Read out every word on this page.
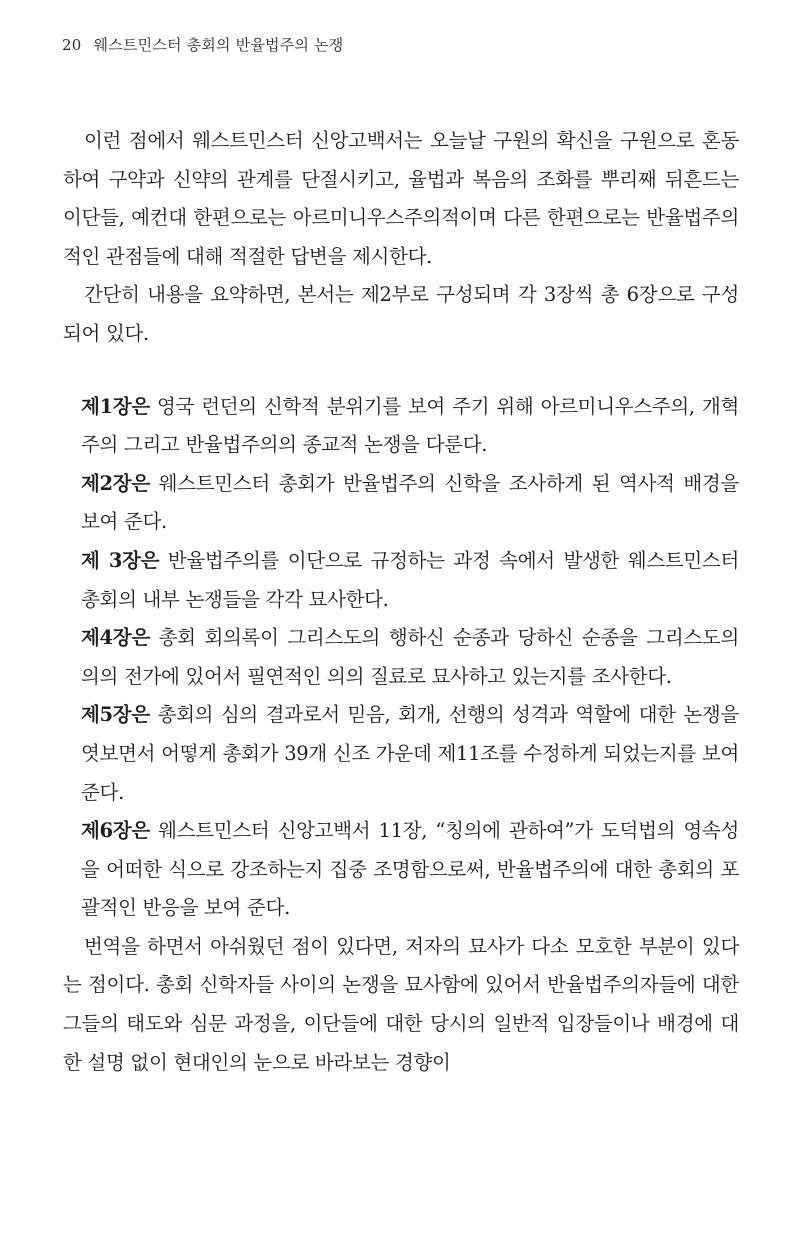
20 웨스트민스터 총회의 반율법주의 논쟁

이런 점에서 웨스트민스터 신앙고백서는 오늘날 구원의 확신을 구원으로 혼동하여 구약과 신약의 관계를 단절시키고, 율법과 복음의 조화를 뿌리째 뒤흔드는 이단들, 예컨대 한편으로는 아르미니우스주의적이며 다른 한편으로는 반율법주의적인 관점들에 대해 적절한 답변을 제시한다.

간단히 내용을 요약하면, 본서는 제2부로 구성되며 각 3장씩 총 6장으로 구성되어 있다.

제1장은 영국 런던의 신학적 분위기를 보여 주기 위해 아르미니우스주의, 개혁주의 그리고 반율법주의의 종교적 논쟁을 다룬다.

제2장은 웨스트민스터 총회가 반율법주의 신학을 조사하게 된 역사적 배경을 보여 준다.

제 3장은 반율법주의를 이단으로 규정하는 과정 속에서 발생한 웨스트민스터 총회의 내부 논쟁들을 각각 묘사한다.

제4장은 총회 회의록이 그리스도의 행하신 순종과 당하신 순종을 그리스도의 의의 전가에 있어서 필연적인 의의 질료로 묘사하고 있는지를 조사한다.

제5장은 총회의 심의 결과로서 믿음, 회개, 선행의 성격과 역할에 대한 논쟁을 엿보면서 어떻게 총회가 39개 신조 가운데 제11조를 수정하게 되었는지를 보여 준다.

제6장은 웨스트민스터 신앙고백서 11장, “칭의에 관하여”가 도덕법의 영속성을 어떠한 식으로 강조하는지 집중 조명함으로써, 반율법주의에 대한 총회의 포괄적인 반응을 보여 준다.

번역을 하면서 아쉬웠던 점이 있다면, 저자의 묘사가 다소 모호한 부분이 있다는 점이다. 총회 신학자들 사이의 논쟁을 묘사함에 있어서 반율법주의자들에 대한 그들의 태도와 심문 과정을, 이단들에 대한 당시의 일반적 입장들이나 배경에 대한 설명 없이 현대인의 눈으로 바라보는 경향이
